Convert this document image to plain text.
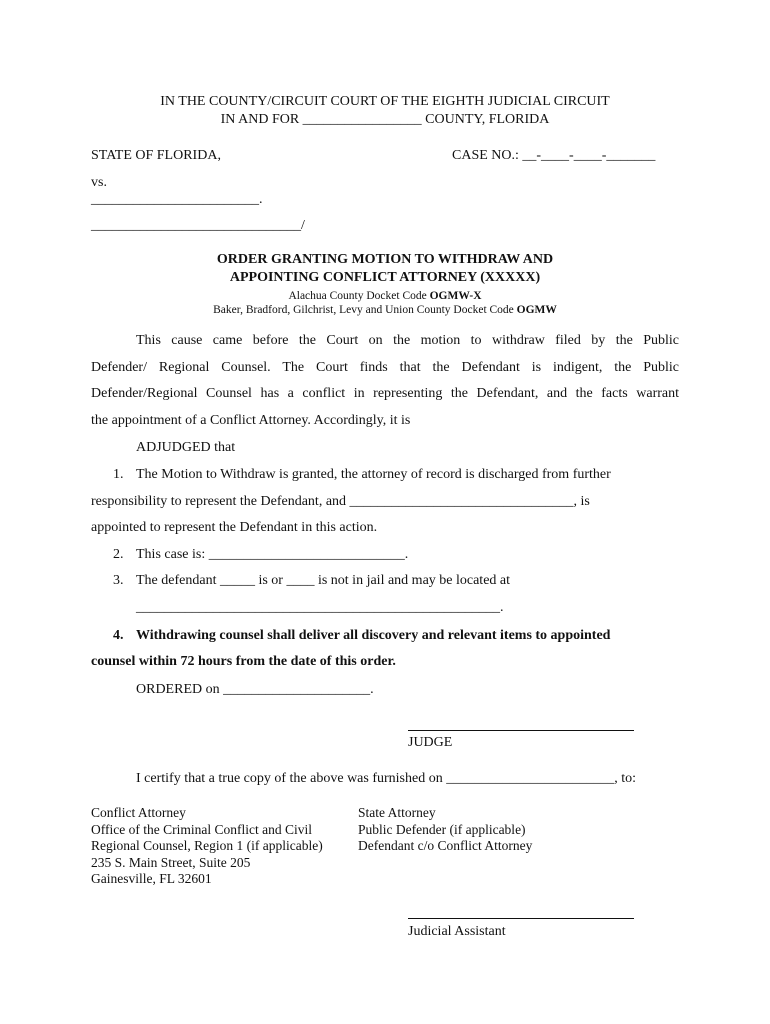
IN THE COUNTY/CIRCUIT COURT OF THE EIGHTH JUDICIAL CIRCUIT
IN AND FOR _________________ COUNTY, FLORIDA
STATE OF FLORIDA,	CASE NO.: __-____-____-_______
vs.
________________________.
______________________________/
ORDER GRANTING MOTION TO WITHDRAW AND
APPOINTING CONFLICT ATTORNEY (XXXXX)
Alachua County Docket Code OGMW-X
Baker, Bradford, Gilchrist, Levy and Union County Docket Code OGMW
This cause came before the Court on the motion to withdraw filed by the Public
Defender/ Regional Counsel. The Court finds that the Defendant is indigent, the Public
Defender/Regional Counsel has a conflict in representing the Defendant, and the facts warrant
the appointment of a Conflict Attorney. Accordingly, it is
ADJUDGED that
1. The Motion to Withdraw is granted, the attorney of record is discharged from further
responsibility to represent the Defendant, and ________________________________, is
appointed to represent the Defendant in this action.
2. This case is: ____________________________.
3. The defendant _____ is or ____ is not in jail and may be located at
____________________________________________________.
4. Withdrawing counsel shall deliver all discovery and relevant items to appointed
counsel within 72 hours from the date of this order.
ORDERED on _____________________.
JUDGE
I certify that a true copy of the above was furnished on ________________________, to:
Conflict Attorney
Office of the Criminal Conflict and Civil
Regional Counsel, Region 1 (if applicable)
235 S. Main Street, Suite 205
Gainesville, FL 32601
State Attorney
Public Defender (if applicable)
Defendant c/o Conflict Attorney
Judicial Assistant
